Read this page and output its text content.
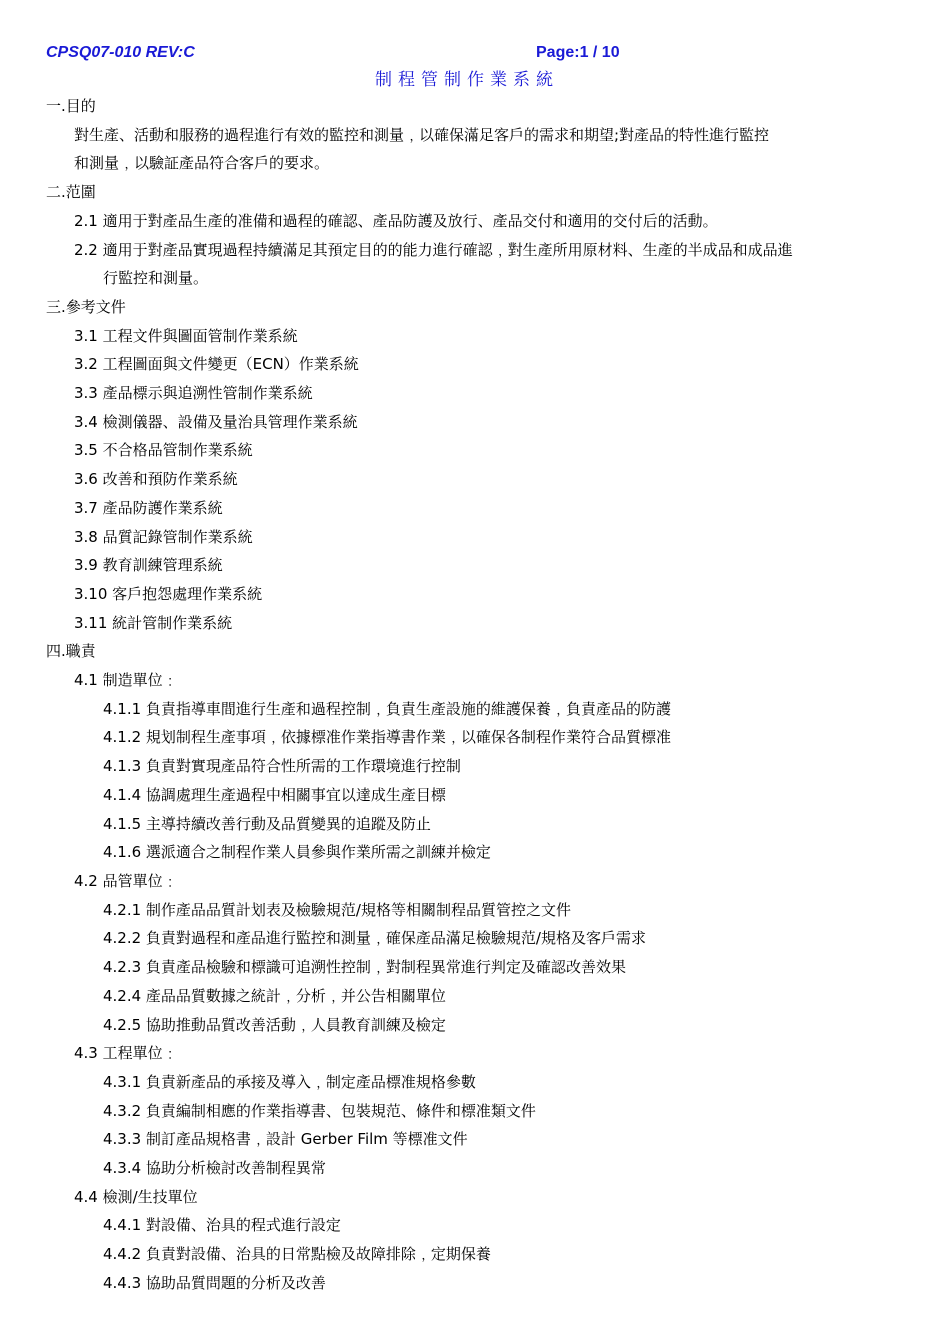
CPSQ07-010 REV:C	Page:1 / 10
制程管制作業系統
一.目的
對生產、活動和服務的過程進行有效的監控和測量﹐以確保滿足客戶的需求和期望;對產品的特性進行監控
和測量﹐以驗証產品符合客戶的要求。
二.范圍
2.1 適用于對產品生產的准備和過程的確認、產品防護及放行、產品交付和適用的交付后的活動。
2.2 適用于對產品實現過程持續滿足其預定目的的能力進行確認﹐對生產所用原材料、生產的半成品和成品進
行監控和測量。
三.參考文件
3.1 工程文件與圖面管制作業系統
3.2 工程圖面與文件變更（ECN）作業系統
3.3 產品標示與追溯性管制作業系統
3.4 檢測儀器、設備及量治具管理作業系統
3.5 不合格品管制作業系統
3.6 改善和預防作業系統
3.7 產品防護作業系統
3.8 品質記錄管制作業系統
3.9 教育訓練管理系統
3.10 客戶抱怨處理作業系統
3.11 統計管制作業系統
四.職責
4.1 制造單位﹕
4.1.1 負責指導車間進行生產和過程控制﹐負責生產設施的維護保養﹐負責產品的防護
4.1.2 規划制程生產事項﹐依據標准作業指導書作業﹐以確保各制程作業符合品質標准
4.1.3 負責對實現產品符合性所需的工作環境進行控制
4.1.4 協調處理生產過程中相關事宜以達成生產目標
4.1.5 主導持續改善行動及品質變異的追蹤及防止
4.1.6 選派適合之制程作業人員參與作業所需之訓練并檢定
4.2 品管單位﹕
4.2.1 制作產品品質計划表及檢驗規范/規格等相關制程品質管控之文件
4.2.2 負責對過程和產品進行監控和測量﹐確保產品滿足檢驗規范/規格及客戶需求
4.2.3 負責產品檢驗和標識可追溯性控制﹐對制程異常進行判定及確認改善效果
4.2.4 產品品質數據之統計﹐分析﹐并公告相關單位
4.2.5 協助推動品質改善活動﹐人員教育訓練及檢定
4.3 工程單位﹕
4.3.1 負責新產品的承接及導入﹐制定產品標准規格參數
4.3.2 負責編制相應的作業指導書、包裝規范、條件和標准類文件
4.3.3 制訂產品規格書﹐設計 Gerber Film 等標准文件
4.3.4 協助分析檢討改善制程異常
4.4 檢測/生技單位
4.4.1 對設備、治具的程式進行設定
4.4.2 負責對設備、治具的日常點檢及故障排除﹐定期保養
4.4.3 協助品質問題的分析及改善
